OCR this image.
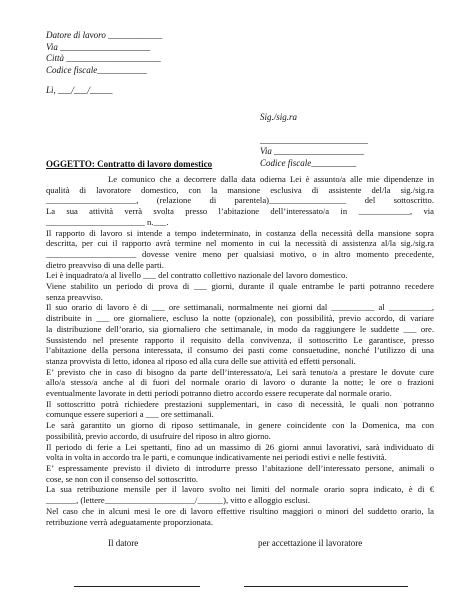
Datore di lavoro ____________
Via ____________________
Città _____________________
Codice fiscale___________
Lì, ___/___/_____
Sig./sig.ra
________________________
Via ____________________
Codice fiscale__________
OGGETTO: Contratto di lavoro domestico

Le comunico che a decorrere dalla data odierna Lei è assunto/a alle mie dipendenze in

qualità di lavoratore domestico, con la mansione esclusiva di assistente del/la sig./sig.ra

_____________________, (relazione di parentela)__________________ del sottoscritto.

La sua attività verrà svolta presso l’abitazione dell’interessato/a in ____________, via

_______________________ n.___.

Il rapporto di lavoro si intende a tempo indeterminato, in costanza della necessità della mansione sopra

descritta, per cui il rapporto avrà termine nel momento in cui la necessità di assistenza al/la sig./sig.ra

_____________________ dovesse venire meno per qualsiasi motivo, o in altro momento precedente,

dietro preavviso di una delle parti.

Lei è inquadrato/a al livello ___ del contratto collettivo nazionale del lavoro domestico.

Viene stabilito un periodo di prova di ___ giorni, durante il quale entrambe le parti potranno recedere

senza preavviso.

Il suo orario di lavoro è di ___ ore settimanali, normalmente nei giorni dal __________ al __________,

distribuite in ___ ore giornaliere, escluso la notte (opzionale), con possibilità, previo accordo, di variare

la distribuzione dell’orario, sia giornaliero che settimanale, in modo da raggiungere le suddette ___ ore.

Sussistendo nel presente rapporto il requisito della convivenza, il sottoscritto Le garantisce, presso

l’abitazione della persona interessata, il consumo dei pasti come consuetudine, nonché l’utilizzo di una

stanza provvista di letto, idonea al riposo ed alla cura delle sue attività ed effetti personali.

E’ previsto che in caso di bisogno da parte dell’interessato/a, Lei sarà tenuto/a a prestare le dovute cure

allo/a stesso/a anche al di fuori del normale orario di lavoro o durante la notte; le ore o frazioni

eventualmente lavorate in detti periodi potranno dietro accordo essere recuperate dal normale orario.

Il sottoscritto potrà richiedere prestazioni supplementari, in caso di necessità, le quali non potranno

comunque essere superiori a ___ ore settimanali.

Le sarà garantito un giorno di riposo settimanale, in genere coincidente con la Domenica, ma con

possibilità, previo accordo, di usufruire del riposo in altro giorno.

Il periodo di ferie a Lei spettanti, fino ad un massimo di 26 giorni annui lavorativi, sarà individuato di

volta in volta in accordo tra le parti, e comunque indicativamente nei periodi estivi e nelle festività.

E’ espressamente previsto il divieto di introdurre presso l’abitazione dell’interessato persone, animali o

cose, se non con il consenso del sottoscritto.

La sua retribuzione mensile per il lavoro svolto nei limiti del normale orario sopra indicato, è di €

_______, (lettere_____________________/______), vitto e alloggio esclusi.

Nel caso che in alcuni mesi le ore di lavoro effettive risultino maggiori o minori del suddetto orario, la

retribuzione verrà adeguatamente proporzionata.

Il datore	per accettazione il lavoratore
